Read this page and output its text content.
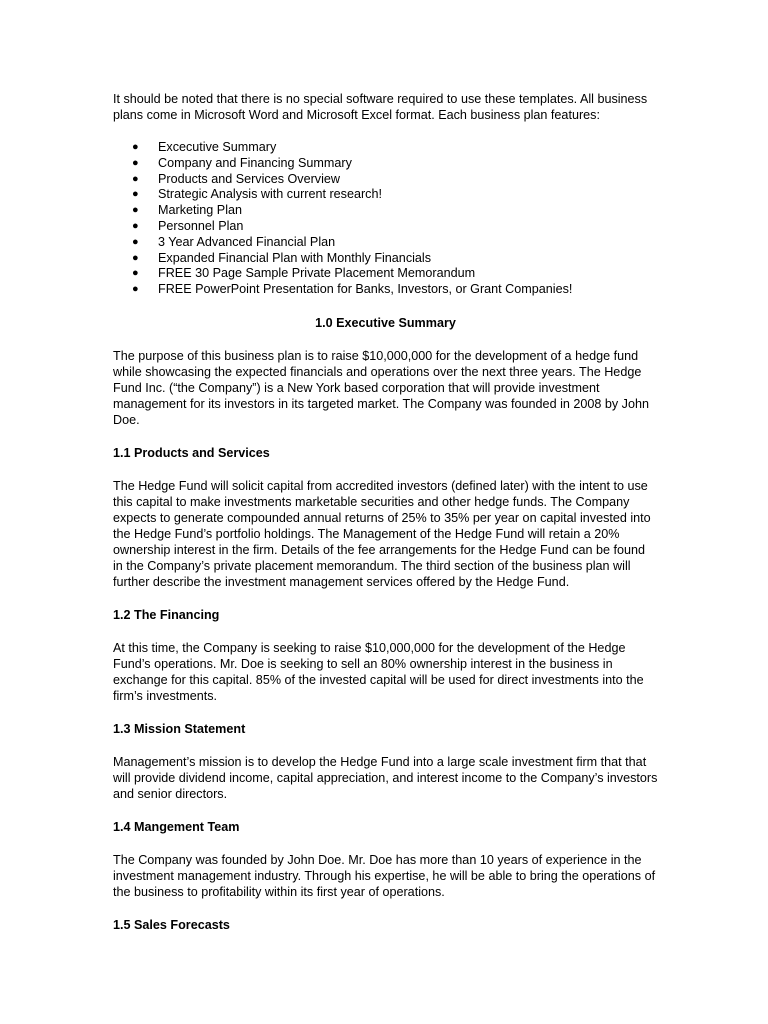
It should be noted that there is no special software required to use these templates. All business plans come in Microsoft Word and Microsoft Excel format. Each business plan features:

● Excecutive Summary
● Company and Financing Summary
● Products and Services Overview
● Strategic Analysis with current research!
● Marketing Plan
● Personnel Plan
● 3 Year Advanced Financial Plan
● Expanded Financial Plan with Monthly Financials
● FREE 30 Page Sample Private Placement Memorandum
● FREE PowerPoint Presentation for Banks, Investors, or Grant Companies!
1.0 Executive Summary

The purpose of this business plan is to raise $10,000,000 for the development of a hedge fund while showcasing the expected financials and operations over the next three years. The Hedge Fund Inc. (“the Company”) is a New York based corporation that will provide investment management for its investors in its targeted market. The Company was founded in 2008 by John Doe.

1.1 Products and Services

The Hedge Fund will solicit capital from accredited investors (defined later) with the intent to use this capital to make investments marketable securities and other hedge funds. The Company expects to generate compounded annual returns of 25% to 35% per year on capital invested into the Hedge Fund’s portfolio holdings. The Management of the Hedge Fund will retain a 20% ownership interest in the firm. Details of the fee arrangements for the Hedge Fund can be found in the Company’s private placement memorandum. The third section of the business plan will further describe the investment management services offered by the Hedge Fund.

1.2 The Financing

At this time, the Company is seeking to raise $10,000,000 for the development of the Hedge Fund’s operations. Mr. Doe is seeking to sell an 80% ownership interest in the business in exchange for this capital. 85% of the invested capital will be used for direct investments into the firm’s investments.

1.3 Mission Statement

Management’s mission is to develop the Hedge Fund into a large scale investment firm that that will provide dividend income, capital appreciation, and interest income to the Company’s investors and senior directors.

1.4 Mangement Team

The Company was founded by John Doe. Mr. Doe has more than 10 years of experience in the investment management industry. Through his expertise, he will be able to bring the operations of the business to profitability within its first year of operations.

1.5 Sales Forecasts
